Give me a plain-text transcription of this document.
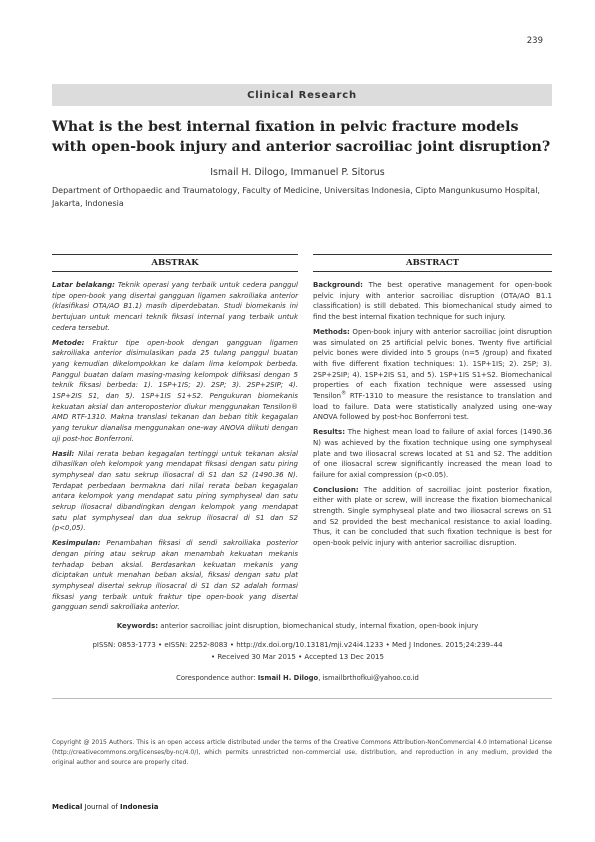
239
Clinical Research
What is the best internal fixation in pelvic fracture models with open-book injury and anterior sacroiliac joint disruption?
Ismail H. Dilogo, Immanuel P. Sitorus
Department of Orthopaedic and Traumatology, Faculty of Medicine, Universitas Indonesia, Cipto Mangunkusumo Hospital, Jakarta, Indonesia
ABSTRAK	ABSTRACT

Latar belakang: Teknik operasi yang terbaik untuk cedera panggul tipe open-book yang disertai gangguan ligamen sakroiliaka anterior (klasifikasi OTA/AO B1.1) masih diperdebatan. Studi biomekanis ini bertujuan untuk mencari teknik fiksasi internal yang terbaik untuk cedera tersebut.

Metode: Fraktur tipe open-book dengan gangguan ligamen sakroiliaka anterior disimulasikan pada 25 tulang panggul buatan yang kemudian dikelompokkan ke dalam lima kelompok berbeda. Panggul buatan dalam masing-masing kelompok difiksasi dengan 5 teknik fiksasi berbeda: 1). 1SP+1IS; 2). 2SP; 3). 2SP+2SIP; 4). 1SP+2IS S1, dan 5). 1SP+1IS S1+S2. Pengukuran biomekanis kekuatan aksial dan anteroposterior diukur menggunakan Tensilon® AMD RTF-1310. Makna translasi tekanan dan beban titik kegagalan yang terukur dianalisa menggunakan one-way ANOVA diikuti dengan uji post-hoc Bonferroni.

Hasil: Nilai rerata beban kegagalan tertinggi untuk tekanan aksial dihasilkan oleh kelompok yang mendapat fiksasi dengan satu piring symphyseal dan satu sekrup iliosacral di S1 dan S2 (1490.36 N). Terdapat perbedaan bermakna dari nilai rerata beban kegagalan antara kelompok yang mendapat satu piring symphyseal dan satu sekrup iliosacral dibandingkan dengan kelompok yang mendapat satu plat symphyseal dan dua sekrup iliosacral di S1 dan S2 (p<0,05).

Kesimpulan: Penambahan fiksasi di sendi sakroiliaka posterior dengan piring atau sekrup akan menambah kekuatan mekanis terhadap beban aksial. Berdasarkan kekuatan mekanis yang diciptakan untuk menahan beban aksial, fiksasi dengan satu plat symphyseal disertai sekrup iliosacral di S1 dan S2 adalah formasi fiksasi yang terbaik untuk fraktur tipe open-book yang disertai gangguan sendi sakroiliaka anterior.

Background: The best operative management for open-book pelvic injury with anterior sacroiliac disruption (OTA/AO B1.1 classification) is still debated. This biomechanical study aimed to find the best internal fixation technique for such injury.

Methods: Open-book injury with anterior sacroiliac joint disruption was simulated on 25 artificial pelvic bones. Twenty five artificial pelvic bones were divided into 5 groups (n=5 /group) and fixated with five different fixation techniques: 1). 1SP+1IS; 2). 2SP; 3). 2SP+2SIP; 4). 1SP+2IS S1, and 5). 1SP+1IS S1+S2. Biomechanical properties of each fixation technique were assessed using Tensilon® RTF-1310 to measure the resistance to translation and load to failure. Data were statistically analyzed using one-way ANOVA followed by post-hoc Bonferroni test.

Results: The highest mean load to failure of axial forces (1490.36 N) was achieved by the fixation technique using one symphyseal plate and two iliosacral screws located at S1 and S2. The addition of one iliosacral screw significantly increased the mean load to failure for axial compression (p<0.05).

Conclusion: The addition of sacroiliac joint posterior fixation, either with plate or screw, will increase the fixation biomechanical strength. Single symphyseal plate and two iliosacral screws on S1 and S2 provided the best mechanical resistance to axial loading. Thus, it can be concluded that such fixation technique is best for open-book pelvic injury with anterior sacroiliac disruption.

Keywords: anterior sacroiliac joint disruption, biomechanical study, internal fixation, open-book injury
pISSN: 0853-1773 • eISSN: 2252-8083 • http://dx.doi.org/10.13181/mji.v24i4.1233 • Med J Indones. 2015;24:239–44
• Received 30 Mar 2015 • Accepted 13 Dec 2015
Corespondence author: Ismail H. Dilogo, ismailbrthofkui@yahoo.co.id
Copyright @ 2015 Authors. This is an open access article distributed under the terms of the Creative Commons Attribution-NonCommercial 4.0 International License (http://creativecommons.org/licenses/by-nc/4.0/), which permits unrestricted non-commercial use, distribution, and reproduction in any medium, provided the original author and source are properly cited.
Medical Journal of Indonesia
